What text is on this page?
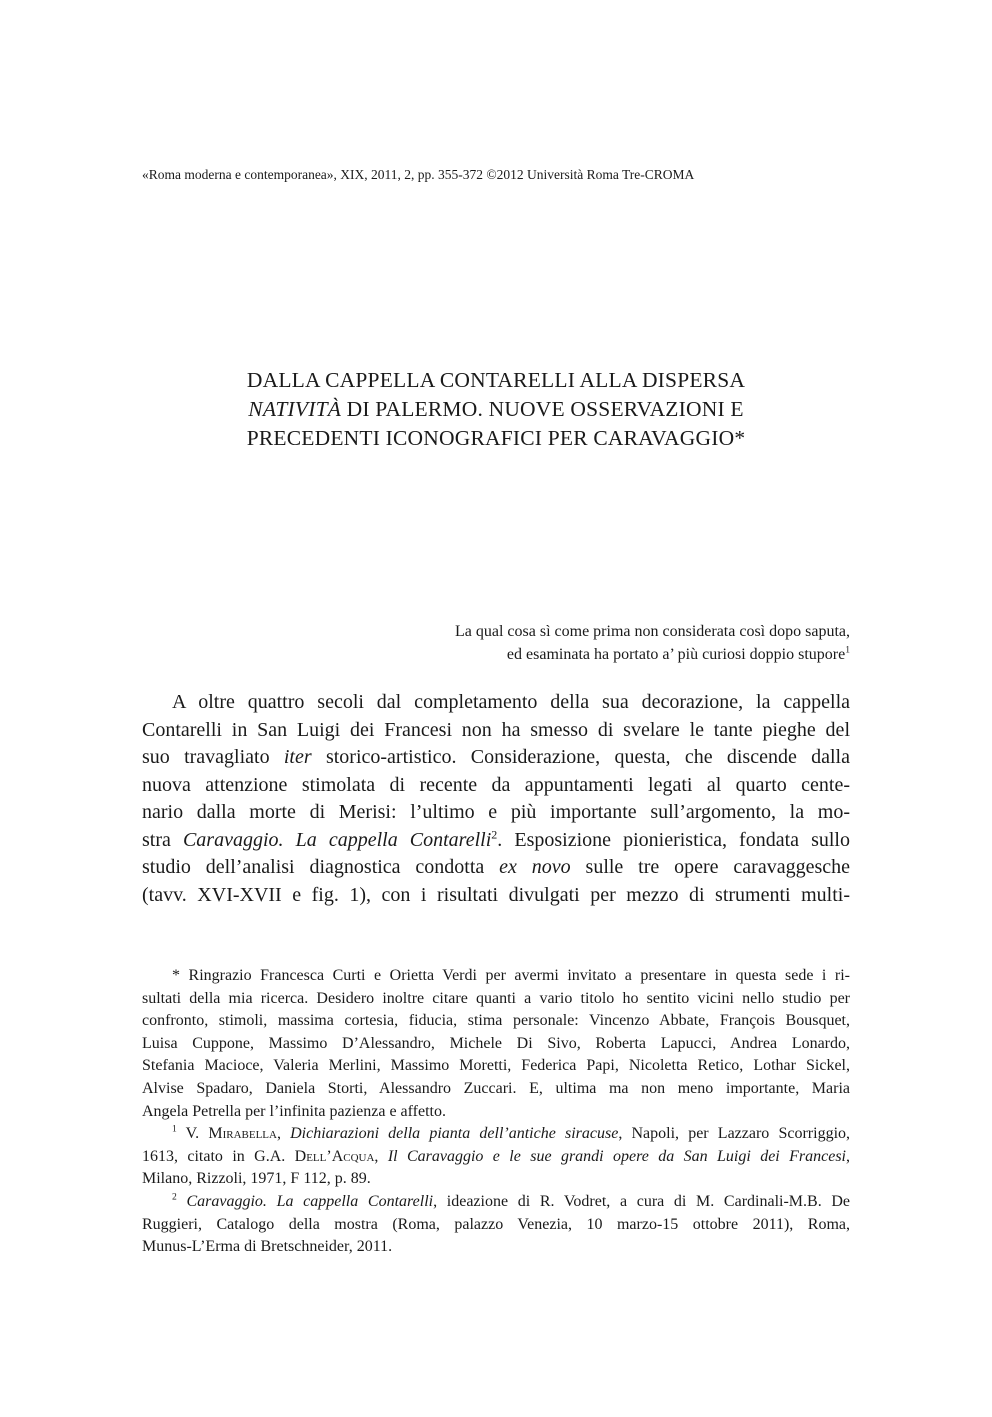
«Roma moderna e contemporanea», XIX, 2011, 2, pp. 355-372 ©2012 Università Roma Tre-CROMA
DALLA CAPPELLA CONTARELLI ALLA DISPERSA
NATIVITÀ DI PALERMO. NUOVE OSSERVAZIONI E
PRECEDENTI ICONOGRAFICI PER CARAVAGGIO*
La qual cosa sì come prima non considerata così dopo saputa,
ed esaminata ha portato a’ più curiosi doppio stupore$^1$
A oltre quattro secoli dal completamento della sua decorazione, la cappella
Contarelli in San Luigi dei Francesi non ha smesso di svelare le tante pieghe del
suo travagliato iter storico-artistico. Considerazione, questa, che discende dalla
nuova attenzione stimolata di recente da appuntamenti legati al quarto cente-
nario dalla morte di Merisi: l’ultimo e più importante sull’argomento, la mo-
stra Caravaggio. La cappella Contarelli$^2$. Esposizione pionieristica, fondata sullo
studio dell’analisi diagnostica condotta ex novo sulle tre opere caravaggesche
(tavv. XVI-XVII e fig. 1), con i risultati divulgati per mezzo di strumenti multi-
* Ringrazio Francesca Curti e Orietta Verdi per avermi invitato a presentare in questa sede i ri-
sultati della mia ricerca. Desidero inoltre citare quanti a vario titolo ho sentito vicini nello studio per
confronto, stimoli, massima cortesia, fiducia, stima personale: Vincenzo Abbate, François Bousquet,
Luisa Cuppone, Massimo D’Alessandro, Michele Di Sivo, Roberta Lapucci, Andrea Lonardo,
Stefania Macioce, Valeria Merlini, Massimo Moretti, Federica Papi, Nicoletta Retico, Lothar Sickel,
Alvise Spadaro, Daniela Storti, Alessandro Zuccari. E, ultima ma non meno importante, Maria
Angela Petrella per l’infinita pazienza e affetto.
$^1$ V. Mirabella, Dichiarazioni della pianta dell’antiche siracuse, Napoli, per Lazzaro Scorriggio,
1613, citato in G.A. Dell’Acqua, Il Caravaggio e le sue grandi opere da San Luigi dei Francesi,
Milano, Rizzoli, 1971, F 112, p. 89.
$^2$ Caravaggio. La cappella Contarelli, ideazione di R. Vodret, a cura di M. Cardinali-M.B. De
Ruggieri, Catalogo della mostra (Roma, palazzo Venezia, 10 marzo-15 ottobre 2011), Roma,
Munus-L’Erma di Bretschneider, 2011.
